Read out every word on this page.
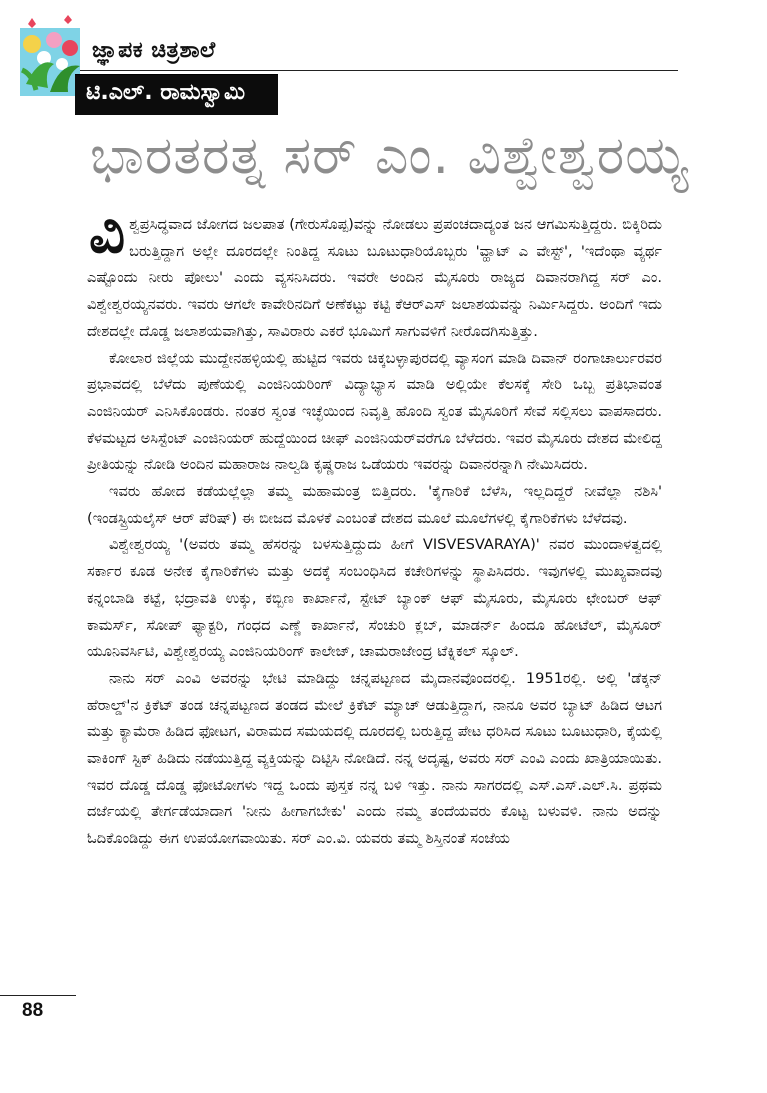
ಜ್ಞಾಪಕ ಚಿತ್ರಶಾಲೆ
ಟಿ.ಎಲ್. ರಾಮಸ್ವಾಮಿ
ಭಾರತರತ್ನ ಸರ್ ಎಂ. ವಿಶ್ವೇಶ್ವರಯ್ಯ

ವಿಶ್ವಪ್ರಸಿದ್ಧವಾದ ಜೋಗದ ಜಲಪಾತ (ಗೇರುಸೊಪ್ಪ)ವನ್ನು ನೋಡಲು ಪ್ರಪಂಚದಾದ್ಯಂತ ಜನ ಆಗಮಿಸುತ್ತಿದ್ದರು. ಬಿಕ್ಕಿರಿದು ಬರುತ್ತಿದ್ದಾಗ ಅಲ್ಲೇ ದೂರದಲ್ಲೇ ನಿಂತಿದ್ದ ಸೂಟು ಬೂಟುಧಾರಿಯೊಬ್ಬರು 'ವ್ಹಾಟ್ ಎ ವೇಸ್ಟ್', 'ಇದೆಂಥಾ ವ್ಯರ್ಥ ಎಷ್ಟೊಂದು ನೀರು ಪೋಲು' ಎಂದು ವ್ಯಸನಿಸಿದರು. ಇವರೇ ಅಂದಿನ ಮೈಸೂರು ರಾಜ್ಯದ ದಿವಾನರಾಗಿದ್ದ ಸರ್ ಎಂ. ವಿಶ್ವೇಶ್ವರಯ್ಯನವರು. ಇವರು ಆಗಲೇ ಕಾವೇರಿನದಿಗೆ ಅಣೆಕಟ್ಟು ಕಟ್ಟಿ ಕೆಆರ್‌ಎಸ್ ಜಲಾಶಯವನ್ನು ನಿರ್ಮಿಸಿದ್ದರು. ಅಂದಿಗೆ ಇದು ದೇಶದಲ್ಲೇ ದೊಡ್ಡ ಜಲಾಶಯವಾಗಿತ್ತು, ಸಾವಿರಾರು ಎಕರೆ ಭೂಮಿಗೆ ಸಾಗುವಳಿಗೆ ನೀರೊದಗಿಸುತ್ತಿತ್ತು.

ಕೋಲಾರ ಜಿಲ್ಲೆಯ ಮುದ್ದೇನಹಳ್ಳಿಯಲ್ಲಿ ಹುಟ್ಟಿದ ಇವರು ಚಿಕ್ಕಬಳ್ಳಾಪುರದಲ್ಲಿ ವ್ಯಾಸಂಗ ಮಾಡಿ ದಿವಾನ್ ರಂಗಾಚಾರ್ಲುರವರ ಪ್ರಭಾವದಲ್ಲಿ ಬೆಳೆದು ಪುಣೆಯಲ್ಲಿ ಎಂಜಿನಿಯರಿಂಗ್ ವಿದ್ಯಾಭ್ಯಾಸ ಮಾಡಿ ಅಲ್ಲಿಯೇ ಕೆಲಸಕ್ಕೆ ಸೇರಿ ಒಬ್ಬ ಪ್ರತಿಭಾವಂತ ಎಂಜಿನಿಯರ್ ಎನಿಸಿಕೊಂಡರು. ನಂತರ ಸ್ವಂತ ಇಚ್ಛೆಯಿಂದ ನಿವೃತ್ತಿ ಹೊಂದಿ ಸ್ವಂತ ಮೈಸೂರಿಗೆ ಸೇವೆ ಸಲ್ಲಿಸಲು ವಾಪಸಾದರು. ಕೆಳಮಟ್ಟದ ಅಸಿಸ್ಟೆಂಟ್ ಎಂಜಿನಿಯರ್ ಹುದ್ದೆಯಿಂದ ಚೀಫ್ ಎಂಜಿನಿಯರ್‌ವರೆಗೂ ಬೆಳೆದರು. ಇವರ ಮೈಸೂರು ದೇಶದ ಮೇಲಿದ್ದ ಪ್ರೀತಿಯನ್ನು ನೋಡಿ ಅಂದಿನ ಮಹಾರಾಜ ನಾಲ್ವಡಿ ಕೃಷ್ಣರಾಜ ಒಡೆಯರು ಇವರನ್ನು ದಿವಾನರನ್ನಾಗಿ ನೇಮಿಸಿದರು.

ಇವರು ಹೋದ ಕಡೆಯಲ್ಲೆಲ್ಲಾ ತಮ್ಮ ಮಹಾಮಂತ್ರ ಬಿತ್ತಿದರು. 'ಕೈಗಾರಿಕೆ ಬೆಳೆಸಿ, ಇಲ್ಲದಿದ್ದರೆ ನೀವೆಲ್ಲಾ ನಶಿಸಿ' (ಇಂಡಸ್ಟ್ರಿಯಲೈಸ್ ಆರ್ ಪೆರಿಷ್) ಈ ಬೀಜದ ಮೊಳಕೆ ಎಂಬಂತೆ ದೇಶದ ಮೂಲೆ ಮೂಲೆಗಳಲ್ಲಿ ಕೈಗಾರಿಕೆಗಳು ಬೆಳೆದವು.

ವಿಶ್ವೇಶ್ವರಯ್ಯ '(ಅವರು ತಮ್ಮ ಹೆಸರನ್ನು ಬಳಸುತ್ತಿದ್ದುದು ಹೀಗೆ VISVESVARAYA)' ನವರ ಮುಂದಾಳತ್ವದಲ್ಲಿ ಸರ್ಕಾರ ಕೂಡ ಅನೇಕ ಕೈಗಾರಿಕೆಗಳು ಮತ್ತು ಅದಕ್ಕೆ ಸಂಬಂಧಿಸಿದ ಕಚೇರಿಗಳನ್ನು ಸ್ಥಾಪಿಸಿದರು. ಇವುಗಳಲ್ಲಿ ಮುಖ್ಯವಾದವು ಕನ್ನಂಬಾಡಿ ಕಟ್ಟೆ, ಭದ್ರಾವತಿ ಉಕ್ಕು, ಕಬ್ಬಿಣ ಕಾರ್ಖಾನೆ, ಸ್ಟೇಟ್ ಬ್ಯಾಂಕ್ ಆಫ್ ಮೈಸೂರು, ಮೈಸೂರು ಛೇಂಬರ್ ಆಫ್ ಕಾಮರ್ಸ್, ಸೋಪ್ ಫ್ಯಾಕ್ಟರಿ, ಗಂಧದ ಎಣ್ಣೆ ಕಾರ್ಖಾನೆ, ಸೆಂಚುರಿ ಕ್ಲಬ್, ಮಾಡರ್ನ್ ಹಿಂದೂ ಹೋಟೆಲ್, ಮೈಸೂರ್ ಯೂನಿವರ್ಸಿಟಿ, ವಿಶ್ವೇಶ್ವರಯ್ಯ ಎಂಜಿನಿಯರಿಂಗ್ ಕಾಲೇಜ್, ಚಾಮರಾಜೇಂದ್ರ ಟೆಕ್ನಿಕಲ್ ಸ್ಕೂಲ್.

ನಾನು ಸರ್ ಎಂವಿ ಅವರನ್ನು ಭೇಟಿ ಮಾಡಿದ್ದು ಚನ್ನಪಟ್ಟಣದ ಮೈದಾನವೊಂದರಲ್ಲಿ. 1951ರಲ್ಲಿ. ಅಲ್ಲಿ 'ಡೆಕ್ಕನ್ ಹೆರಾಲ್ಡ್'ನ ಕ್ರಿಕೆಟ್ ತಂಡ ಚನ್ನಪಟ್ಟಣದ ತಂಡದ ಮೇಲೆ ಕ್ರಿಕೆಟ್ ಮ್ಯಾಚ್ ಆಡುತ್ತಿದ್ದಾಗ, ನಾನೂ ಅವರ ಬ್ಯಾಟ್ ಹಿಡಿದ ಆಟಗ ಮತ್ತು ಕ್ಯಾಮೆರಾ ಹಿಡಿದ ಫೋಟಗ, ವಿರಾಮದ ಸಮಯದಲ್ಲಿ ದೂರದಲ್ಲಿ ಬರುತ್ತಿದ್ದ ಪೇಟ ಧರಿಸಿದ ಸೂಟು ಬೂಟುಧಾರಿ, ಕೈಯಲ್ಲಿ ವಾಕಿಂಗ್ ಸ್ಟಿಕ್ ಹಿಡಿದು ನಡೆಯುತ್ತಿದ್ದ ವ್ಯಕ್ತಿಯನ್ನು ದಿಟ್ಟಿಸಿ ನೋಡಿದೆ. ನನ್ನ ಅದೃಷ್ಟ, ಅವರು ಸರ್ ಎಂವಿ ಎಂದು ಖಾತ್ರಿಯಾಯಿತು. ಇವರ ದೊಡ್ಡ ದೊಡ್ಡ ಫೋಟೋಗಳು ಇದ್ದ ಒಂದು ಪುಸ್ತಕ ನನ್ನ ಬಳಿ ಇತ್ತು. ನಾನು ಸಾಗರದಲ್ಲಿ ಎಸ್.ಎಸ್.ಎಲ್.ಸಿ. ಪ್ರಥಮ ದರ್ಜೆಯಲ್ಲಿ ತೇರ್ಗಡೆಯಾದಾಗ 'ನೀನು ಹೀಗಾಗಬೇಕು' ಎಂದು ನಮ್ಮ ತಂದೆಯವರು ಕೊಟ್ಟ ಬಳುವಳಿ. ನಾನು ಅದನ್ನು ಓದಿಕೊಂಡಿದ್ದು ಈಗ ಉಪಯೋಗವಾಯಿತು. ಸರ್ ಎಂ.ವಿ. ಯವರು ತಮ್ಮ ಶಿಸ್ತಿನಂತೆ ಸಂಜೆಯ

88
